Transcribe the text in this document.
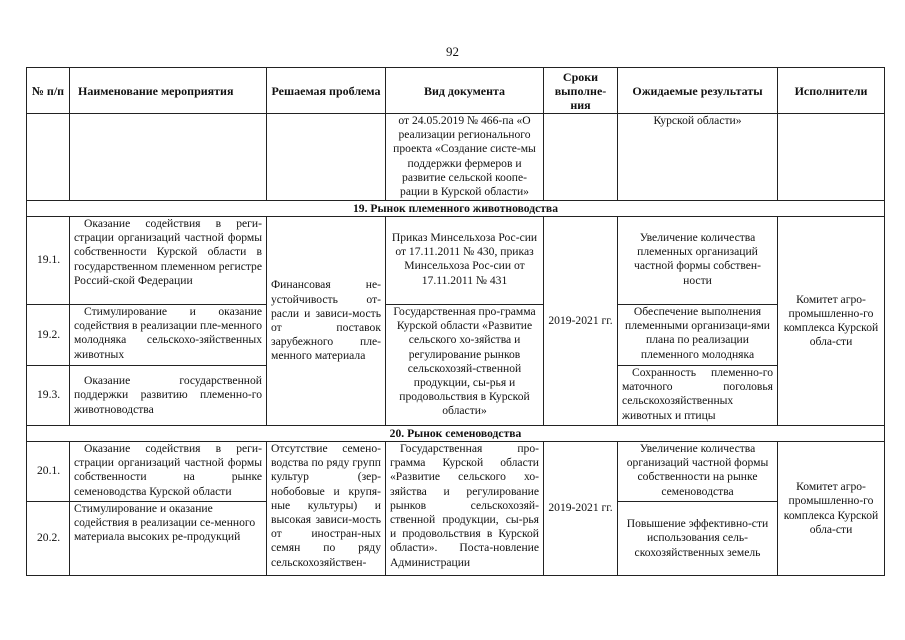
92
№ п/п	Наименование мероприятия	Решаемая проблема	Вид документа	Сроки выполне-ния	Ожидаемые результаты	Исполнители
			от 24.05.2019 № 466-па «О реализации регионального проекта «Создание систе-мы поддержки фермеров и развитие сельской коопе-рации в Курской области»		Курской области»	
19. Рынок племенного животноводства						
19.1.	Оказание содействия в реги-страции организаций частной формы собственности Курской области в государственном племенном регистре Россий-ской Федерации	Финансовая не-устойчивость от-расли и зависи-мость от поставок зарубежного пле-менного материала	Приказ Минсельхоза Рос-сии от 17.11.2011 № 430, приказ Минсельхоза Рос-сии от 17.11.2011 № 431	2019-2021 гг.	Увеличение количества племенных организаций частной формы собствен-ности	Комитет агро-промышленно-го комплекса Курской обла-сти
19.2.	Стимулирование и оказание содействия в реализации пле-менного молодняка сельскохо-зяйственных животных		Государственная про-грамма Курской области «Развитие сельского хо-зяйства и регулирование рынков сельскохозяй-ственной продукции, сы-рья и продовольствия в Курской области»		Обеспечение выполнения племенными организаци-ями плана по реализации племенного молодняка	
19.3.	Оказание государственной поддержки развитию племенно-го животноводства				Сохранность племенно-го маточного поголовья сельскохозяйственных животных и птицы	
20. Рынок семеноводства						
20.1.	Оказание содействия в реги-страции организаций частной формы собственности на рынке семеноводства Курской области	Отсутствие семено-водства по ряду групп культур (зер-нобобовые и крупя-ные культуры) и высокая зависи-мость от иностран-ных семян по ряду сельскохозяйствен-	Государственная про-грамма Курской области «Развитие сельского хо-зяйства и регулирование рынков сельскохозяй-ственной продукции, сы-рья и продовольствия в Курской области». Поста-новление Администрации	2019-2021 гг.	Увеличение количества организаций частной формы собственности на рынке семеноводства	Комитет агро-промышленно-го комплекса Курской обла-сти
20.2.	Стимулирование и оказание содействия в реализации се-менного материала высоких ре-продукций				Повышение эффективно-сти использования сель-скохозяйственных земель	
